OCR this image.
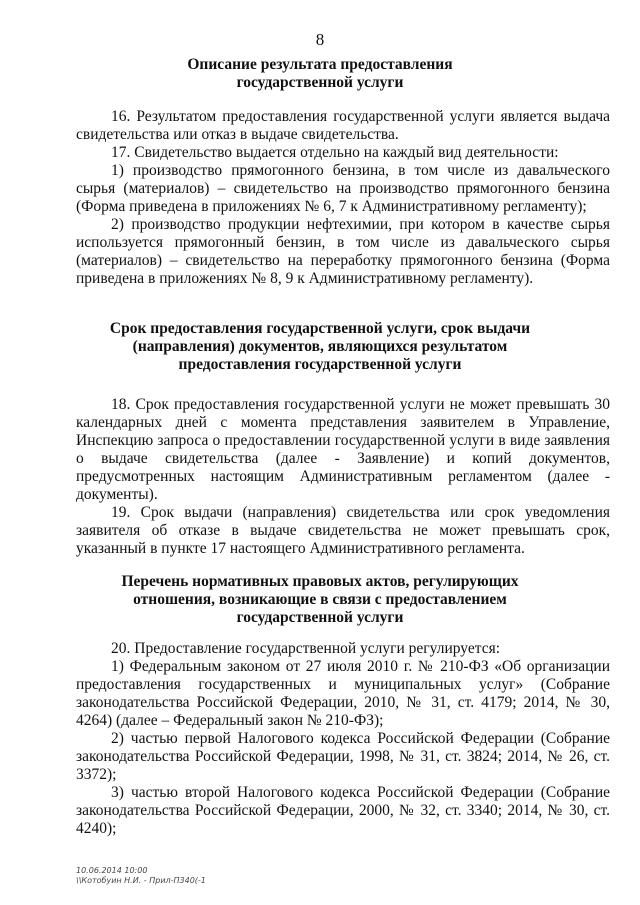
8
Описание результата предоставления
государственной услуги

16. Результатом предоставления государственной услуги является выдача свидетельства или отказ в выдаче свидетельства.

17. Свидетельство выдается отдельно на каждый вид деятельности:

1) производство прямогонного бензина, в том числе из давальческого сырья (материалов) – свидетельство на производство прямогонного бензина (Форма приведена в приложениях № 6, 7 к Административному регламенту);

2) производство продукции нефтехимии, при котором в качестве сырья используется прямогонный бензин, в том числе из давальческого сырья (материалов) – свидетельство на переработку прямогонного бензина (Форма приведена в приложениях № 8, 9 к Административному регламенту).

Срок предоставления государственной услуги, срок выдачи
(направления) документов, являющихся результатом
предоставления государственной услуги

18. Срок предоставления государственной услуги не может превышать 30 календарных дней с момента представления заявителем в Управление, Инспекцию запроса о предоставлении государственной услуги в виде заявления о выдаче свидетельства (далее - Заявление) и копий документов, предусмотренных настоящим Административным регламентом (далее - документы).

19. Срок выдачи (направления) свидетельства или срок уведомления заявителя об отказе в выдаче свидетельства не может превышать срок, указанный в пункте 17 настоящего Административного регламента.

Перечень нормативных правовых актов, регулирующих
отношения, возникающие в связи с предоставлением
государственной услуги

20. Предоставление государственной услуги регулируется:

1) Федеральным законом от 27 июля 2010 г. № 210-ФЗ «Об организации предоставления государственных и муниципальных услуг» (Собрание законодательства Российской Федерации, 2010, № 31, ст. 4179; 2014, № 30, 4264) (далее – Федеральный закон № 210-ФЗ);

2) частью первой Налогового кодекса Российской Федерации (Собрание законодательства Российской Федерации, 1998, № 31, ст. 3824; 2014, № 26, ст. 3372);

3) частью второй Налогового кодекса Российской Федерации (Собрание законодательства Российской Федерации, 2000, № 32, ст. 3340; 2014, № 30, ст. 4240);

10.06.2014 10:00
\\Котобуин Н.И. - Прил-П340(-1
